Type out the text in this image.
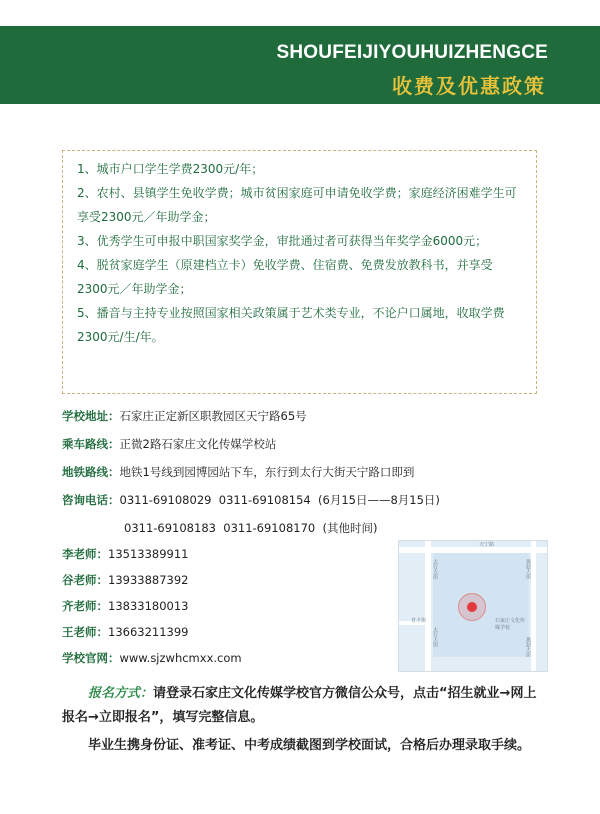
SHOUFEIJIYOUHUIZHENGCE
收费及优惠政策

1、城市户口学生学费2300元/年；

2、农村、县镇学生免收学费；城市贫困家庭可申请免收学费；家庭经济困难学生可享受2300元／年助学金；

3、优秀学生可申报中职国家奖学金，审批通过者可获得当年奖学金6000元；

4、脱贫家庭学生（原建档立卡）免收学费、住宿费、免费发放教科书，并享受2300元／年助学金；

5、播音与主持专业按照国家相关政策属于艺术类专业，不论户口属地，收取学费2300元/生/年。

学校地址：石家庄正定新区职教园区天宁路65号
乘车路线：正微2路石家庄文化传媒学校站
地铁路线：地铁1号线到园博园站下车，东行到太行大街天宁路口即到
咨询电话：0311-69108029  0311-69108154  (6月15日——8月15日)
0311-69108183  0311-69108170  (其他时间)
李老师：13513389911
谷老师：13933887392
齐老师：13833180013
王老师：13663211399
学校官网：www.sjzwhcmxx.com
天宁路
太行大街
太行大街
石家庄文化传媒学校
燕赵大街
燕赵大街
育才街
报名方式：请登录石家庄文化传媒学校官方微信公众号，点击“招生就业→网上报名→立即报名”，填写完整信息。
毕业生携身份证、准考证、中考成绩截图到学校面试，合格后办理录取手续。
